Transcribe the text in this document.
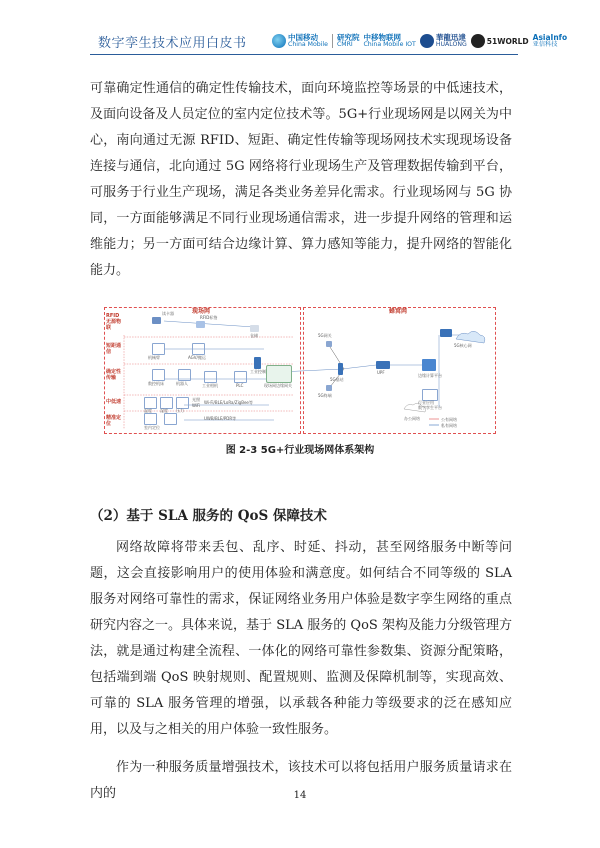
数字孪生技术应用白皮书	中国移动
China Mobile
研究院
CMRI
中移物联网
China Mobile IOT
華龍迅達
HUALONG	51WORLD AsiaInfo
亚信科技
可靠确定性通信的确定性传输技术，面向环境监控等场景的中低速技术，及面向设备及人员定位的室内定位技术等。5G+行业现场网是以网关为中心，南向通过无源 RFID、短距、确定性传输等现场网技术实现现场设备连接与通信，北向通过 5G 网络将行业现场生产及管理数据传输到平台，可服务于行业生产现场，满足各类业务差异化需求。行业现场网与 5G 协同，一方面能够满足不同行业现场通信需求，进一步提升网络的管理和运维能力；另一方面可结合边缘计算、算力感知等能力，提升网络的智能化能力。
现场网	蜂窝网
RFID无源物联
短距通信
确定性传输
中低速
精准定位
读卡器
RFID标签
仓储
机械臂	AGV/搬运
数控机床	机器人	工业相机	PLC
工业控制
温度 湿度 压力
光照
WiFi
Wi-Fi/BLE/LoRa/ZigBee等
室内定位
UWB/BLE/PDR等
现场网边缘网关
5G网关
5G基站
5G核心网
边缘计算平台
行业应用
数字孪生平台
办公网络	公有网络
私有网络
UPF
5G终端
图 2-3 5G+行业现场网体系架构
（2）基于 SLA 服务的 QoS 保障技术
网络故障将带来丢包、乱序、时延、抖动，甚至网络服务中断等问题，这会直接影响用户的使用体验和满意度。如何结合不同等级的 SLA 服务对网络可靠性的需求，保证网络业务用户体验是数字孪生网络的重点研究内容之一。具体来说，基于 SLA 服务的 QoS 架构及能力分级管理方法，就是通过构建全流程、一体化的网络可靠性参数集、资源分配策略，包括端到端 QoS 映射规则、配置规则、监测及保障机制等，实现高效、可靠的 SLA 服务管理的增强，以承载各种能力等级要求的泛在感知应用，以及与之相关的用户体验一致性服务。
作为一种服务质量增强技术，该技术可以将包括用户服务质量请求在内的	14
